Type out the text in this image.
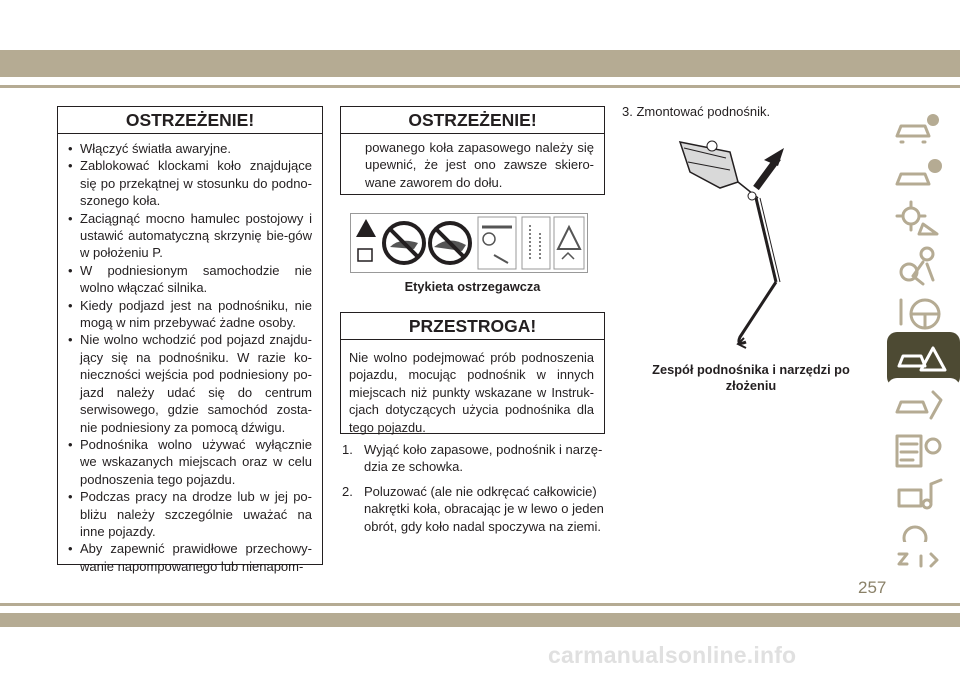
OSTRZEŻENIE!
• Włączyć światła awaryjne.
• Zablokować klockami koło znajdujące się po przekątnej w stosunku do podno-szonego koła.
• Zaciągnąć mocno hamulec postojowy i ustawić automatyczną skrzynię bie-gów w położeniu P.
• W podniesionym samochodzie nie wolno włączać silnika.
• Kiedy podjazd jest na podnośniku, nie mogą w nim przebywać żadne osoby.
• Nie wolno wchodzić pod pojazd znajdu-jący się na podnośniku. W razie ko-nieczności wejścia pod podniesiony po-jazd należy udać się do centrum serwisowego, gdzie samochód zosta-nie podniesiony za pomocą dźwigu.
• Podnośnika wolno używać wyłącznie we wskazanych miejscach oraz w celu podnoszenia tego pojazdu.
• Podczas pracy na drodze lub w jej po-bliżu należy szczególnie uważać na inne pojazdy.
• Aby zapewnić prawidłowe przechowy-wanie napompowanego lub nienapom-
OSTRZEŻENIE!
powanego koła zapasowego należy się upewnić, że jest ono zawsze skiero-wane zaworem do dołu.
Etykieta ostrzegawcza
PRZESTROGA!
Nie wolno podejmować prób podnoszenia pojazdu, mocując podnośnik w innych miejscach niż punkty wskazane w Instruk-cjach dotyczących użycia podnośnika dla tego pojazdu.
1. Wyjąć koło zapasowe, podnośnik i narzę-dzia ze schowka.
2. Poluzować (ale nie odkręcać całkowicie) nakrętki koła, obracając je w lewo o jeden obrót, gdy koło nadal spoczywa na ziemi.
3. Zmontować podnośnik.
Zespół podnośnika i narzędzi po złożeniu
257
carmanualsonline.info
